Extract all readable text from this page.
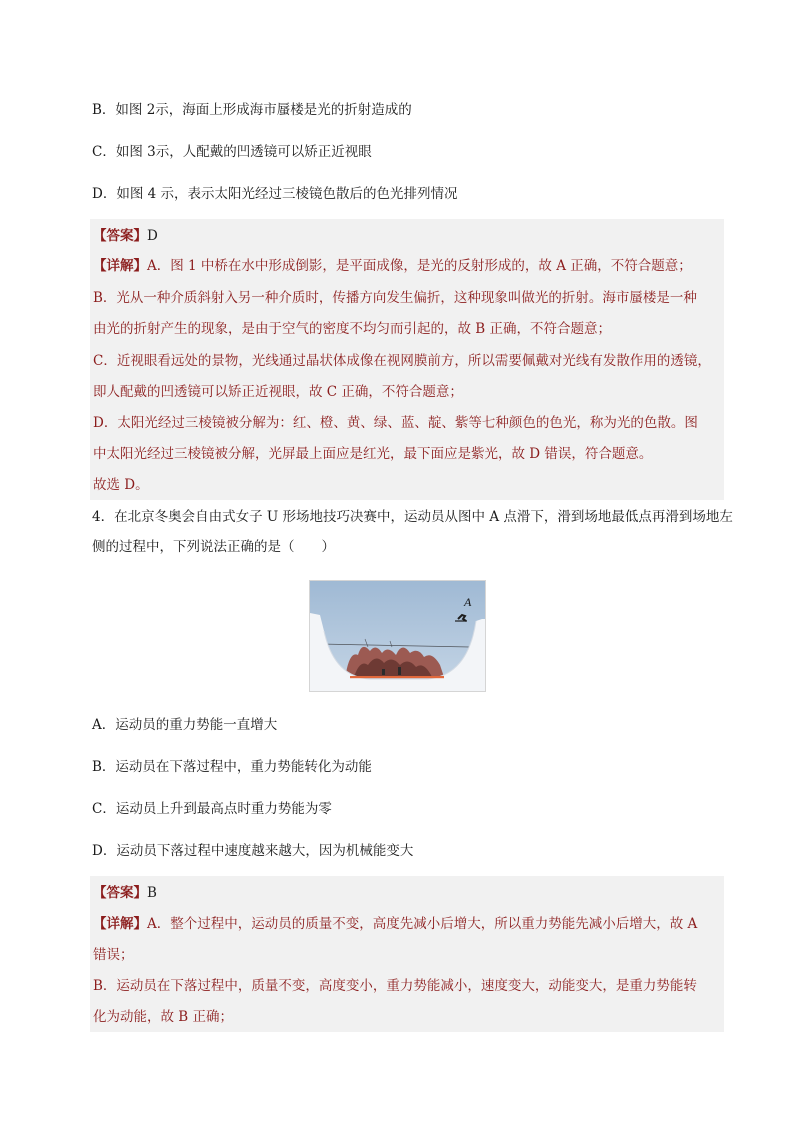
B．如图 2示，海面上形成海市蜃楼是光的折射造成的
C．如图 3示，人配戴的凹透镜可以矫正近视眼
D．如图 4 示，表示太阳光经过三棱镜色散后的色光排列情况
【答案】D
【详解】A．图 1 中桥在水中形成倒影，是平面成像，是光的反射形成的，故 A 正确，不符合题意；
B．光从一种介质斜射入另一种介质时，传播方向发生偏折，这种现象叫做光的折射。海市蜃楼是一种
由光的折射产生的现象，是由于空气的密度不均匀而引起的，故 B 正确，不符合题意；
C．近视眼看远处的景物，光线通过晶状体成像在视网膜前方，所以需要佩戴对光线有发散作用的透镜，
即人配戴的凹透镜可以矫正近视眼，故 C 正确，不符合题意；
D．太阳光经过三棱镜被分解为：红、橙、黄、绿、蓝、靛、紫等七种颜色的色光，称为光的色散。图
中太阳光经过三棱镜被分解，光屏最上面应是红光，最下面应是紫光，故 D 错误，符合题意。
故选 D。
4．在北京冬奥会自由式女子 U 形场地技巧决赛中，运动员从图中 A 点滑下，滑到场地最低点再滑到场地左
侧的过程中，下列说法正确的是（　　）
A
A．运动员的重力势能一直增大
B．运动员在下落过程中，重力势能转化为动能
C．运动员上升到最高点时重力势能为零
D．运动员下落过程中速度越来越大，因为机械能变大
【答案】B
【详解】A．整个过程中，运动员的质量不变，高度先减小后增大，所以重力势能先减小后增大，故 A
错误；
B．运动员在下落过程中，质量不变，高度变小，重力势能减小，速度变大，动能变大，是重力势能转
化为动能，故 B 正确；
